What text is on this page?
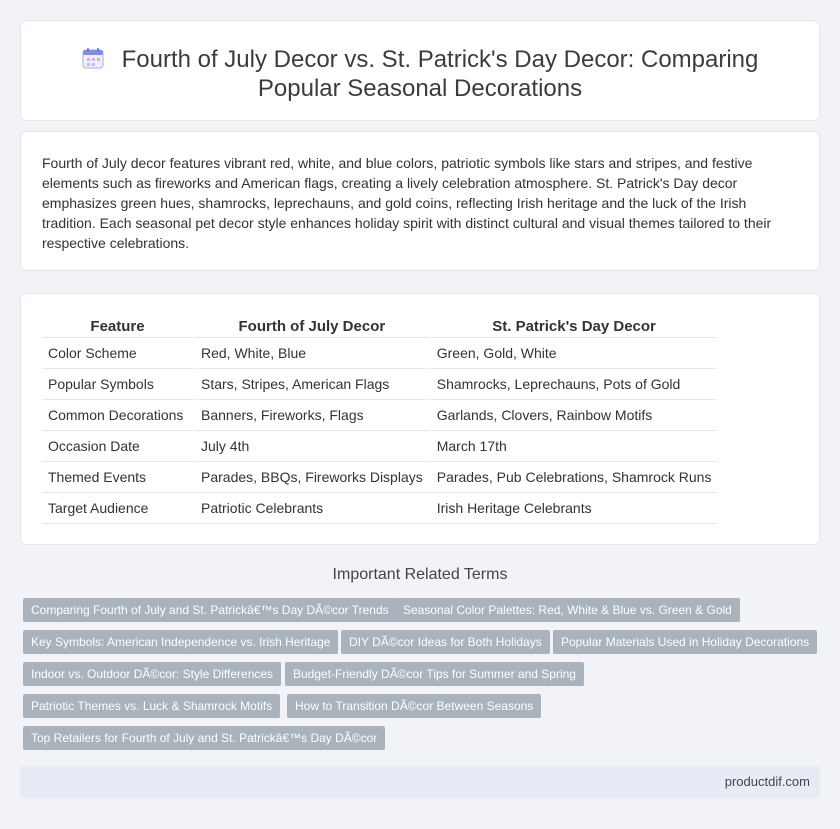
Fourth of July Decor vs. St. Patrick's Day Decor: Comparing
Popular Seasonal Decorations

Fourth of July decor features vibrant red, white, and blue colors, patriotic symbols like stars and stripes, and festive elements such as fireworks and American flags, creating a lively celebration atmosphere. St. Patrick's Day decor emphasizes green hues, shamrocks, leprechauns, and gold coins, reflecting Irish heritage and the luck of the Irish tradition. Each seasonal pet decor style enhances holiday spirit with distinct cultural and visual themes tailored to their respective celebrations.

Feature	Fourth of July Decor	St. Patrick's Day Decor
Color Scheme	Red, White, Blue	Green, Gold, White
Popular Symbols	Stars, Stripes, American Flags	Shamrocks, Leprechauns, Pots of Gold
Common Decorations	Banners, Fireworks, Flags	Garlands, Clovers, Rainbow Motifs
Occasion Date	July 4th	March 17th
Themed Events	Parades, BBQs, Fireworks Displays	Parades, Pub Celebrations, Shamrock Runs
Target Audience	Patriotic Celebrants	Irish Heritage Celebrants
Important Related Terms
Comparing Fourth of July and St. Patrickâ€™s Day DÃ©cor Trends	Seasonal Color Palettes: Red, White & Blue vs. Green & Gold
Key Symbols: American Independence vs. Irish Heritage	DIY DÃ©cor Ideas for Both Holidays	Popular Materials Used in Holiday Decorations
Indoor vs. Outdoor DÃ©cor: Style Differences	Budget-Friendly DÃ©cor Tips for Summer and Spring
Patriotic Themes vs. Luck & Shamrock Motifs	How to Transition DÃ©cor Between Seasons
Top Retailers for Fourth of July and St. Patrickâ€™s Day DÃ©cor
productdif.com
